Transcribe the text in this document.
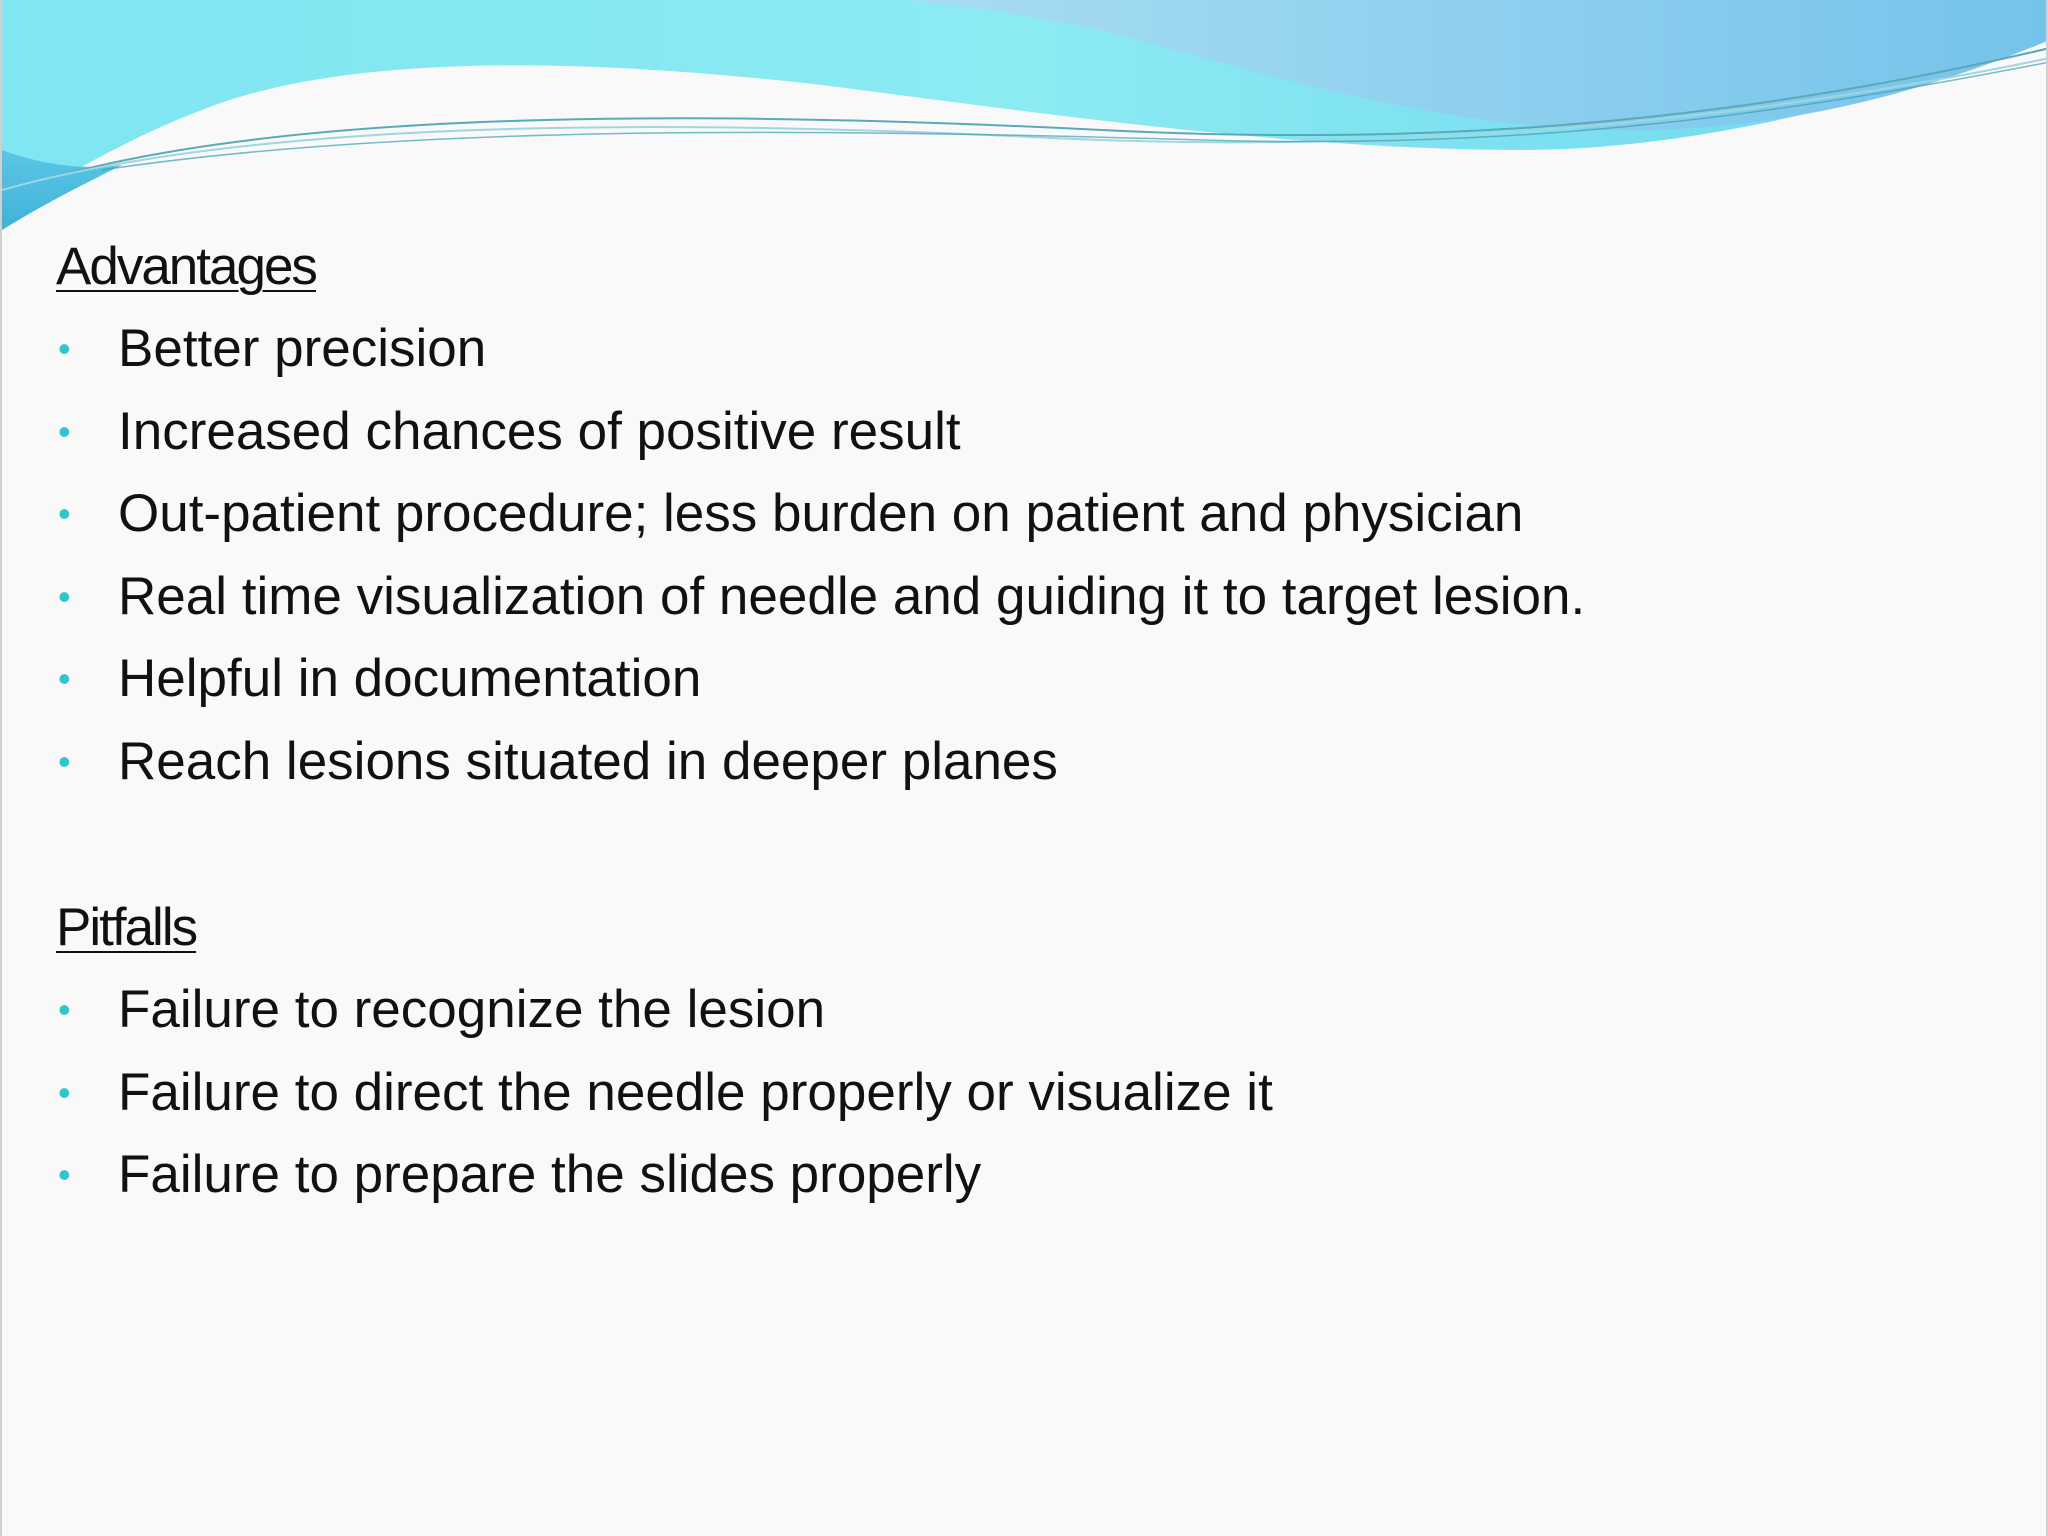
Advantages
• Better precision
• Increased chances of positive result
• Out-patient procedure; less burden on patient and physician
• Real time visualization of needle and guiding it to target lesion.
• Helpful in documentation
• Reach lesions situated in deeper planes
Pitfalls
• Failure to recognize the lesion
• Failure to direct the needle properly or visualize it
• Failure to prepare the slides properly
